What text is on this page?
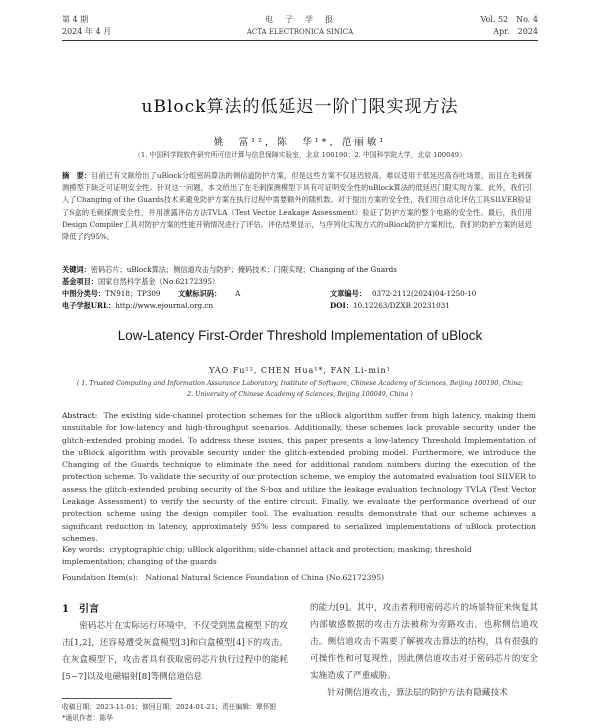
第 4 期
2024 年 4 月
电　子　学　报
ACTA ELECTRONICA SINICA
Vol. 52　No. 4
Apr.　2024
uBlock算法的低延迟一阶门限实现方法
姚　富¹²，陈　华¹*，范丽敏¹
（1. 中国科学院软件研究所可信计算与信息保障实验室，北京 100190；2. 中国科学院大学，北京 100049）

摘　要：目前已有文献给出了uBlock分组密码算法的侧信道防护方案，但是这些方案不仅延迟较高，难以适用于低延迟高吞吐场景，而且在毛刺探测模型下缺乏可证明安全性。针对这一问题，本文给出了在毛刺探测模型下具有可证明安全性的uBlock算法的低延迟门限实现方案。此外，我们引入了Changing of the Guards技术来避免防护方案在执行过程中需要额外的随机数。对于提出方案的安全性，我们用自动化评估工具SILVER验证了S盒的毛刺探测安全性，并用泄露评估方法TVLA（Test Vector Leakage Assessment）验证了防护方案的整个电路的安全性。最后，我们用Design Compiler工具对防护方案的性能开销情况进行了评估。评估结果显示，与序列化实现方式的uBlock防护方案相比，我们的防护方案的延迟降低了约95%。

关键词：密码芯片；uBlock算法；侧信道攻击与防护；掩码技术；门限实现；Changing of the Guards
基金项目：国家自然科学基金（No.62172395）
中图分类号：TN918；TP309 文献标识码： A	文章编号： 0372-2112(2024)04-1250-10
电子学报URL：http://www.ejournal.org.cn	DOI：10.12263/DZXB.20231031
Low-Latency First-Order Threshold Implementation of uBlock
YAO Fu¹², CHEN Hua¹*, FAN Li-min¹
( 1. Trusted Computing and Information Assurance Laboratory, Institute of Software, Chinese Academy of Sciences, Beijing 100190, China;
2. University of Chinese Academy of Sciences, Beijing 100049, China )

Abstract: The existing side-channel protection schemes for the uBlock algorithm suffer from high latency, making them unsuitable for low-latency and high-throughput scenarios. Additionally, these schemes lack provable security under the glitch-extended probing model. To address these issues, this paper presents a low-latency Threshold Implementation of the uBlock algorithm with provable security under the glitch-extended probing model. Furthermore, we introduce the Changing of the Guards technique to eliminate the need for additional random numbers during the execution of the protection scheme. To validate the security of our protection scheme, we employ the automated evaluation tool SILVER to assess the glitch-extended probing security of the S-box and utilize the leakage evaluation technology TVLA (Test Vector Leakage Assessment) to verify the security of the entire circuit. Finally, we evaluate the performance overhead of our protection scheme using the design compiler tool. The evaluation results demonstrate that our scheme achieves a significant reduction in latency, approximately 95% less compared to serialized implementations of uBlock protection schemes.

Key words: cryptographic chip; uBlock algorithm; side-channel attack and protection; masking; threshold implementation; changing of the guards

Foundation Item(s): National Natural Science Foundation of China (No.62172395)

1 引言

密码芯片在实际运行环境中，不仅受到黑盒模型下的攻击[1,2]，还容易遭受灰盒模型[3]和白盒模型[4]下的攻击。在灰盒模型下，攻击者具有获取密码芯片执行过程中的能耗[5~7]以及电磁辐射[8]等侧信道信息

的能力[9]。其中，攻击者利用密码芯片的场景特征来恢复其内部敏感数据的攻击方法被称为旁路攻击，也称侧信道攻击。侧信道攻击不需要了解被攻击算法的结构，具有很强的可操作性和可复现性，因此侧信道攻击对于密码芯片的安全实施造成了严重威胁。
针对侧信道攻击，算法层的防护方法有隐藏技术

收稿日期：2023-11-01；修回日期：2024-01-21；责任编辑：覃怀银
*通讯作者：陈华
